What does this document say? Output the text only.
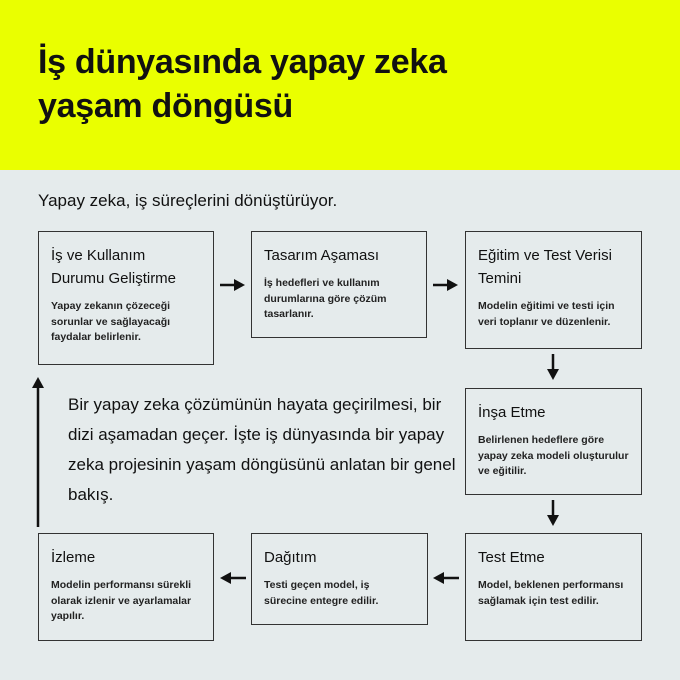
İş dünyasında yapay zeka
yaşam döngüsü
Yapay zeka, iş süreçlerini dönüştürüyor.
İş ve Kullanım Durumu Geliştirme
Yapay zekanın çözeceği sorunlar ve sağlayacağı faydalar belirlenir.
Tasarım Aşaması
İş hedefleri ve kullanım durumlarına göre çözüm tasarlanır.
Eğitim ve Test Verisi Temini
Modelin eğitimi ve testi için veri toplanır ve düzenlenir.
İnşa Etme
Belirlenen hedeflere göre yapay zeka modeli oluşturulur ve eğitilir.
Test Etme
Model, beklenen performansı sağlamak için test edilir.
Dağıtım
Testi geçen model, iş sürecine entegre edilir.
İzleme
Modelin performansı sürekli olarak izlenir ve ayarlamalar yapılır.
Bir yapay zeka çözümünün hayata geçirilmesi, bir dizi aşamadan geçer. İşte iş dünyasında bir yapay zeka projesinin yaşam döngüsünü anlatan bir genel bakış.
